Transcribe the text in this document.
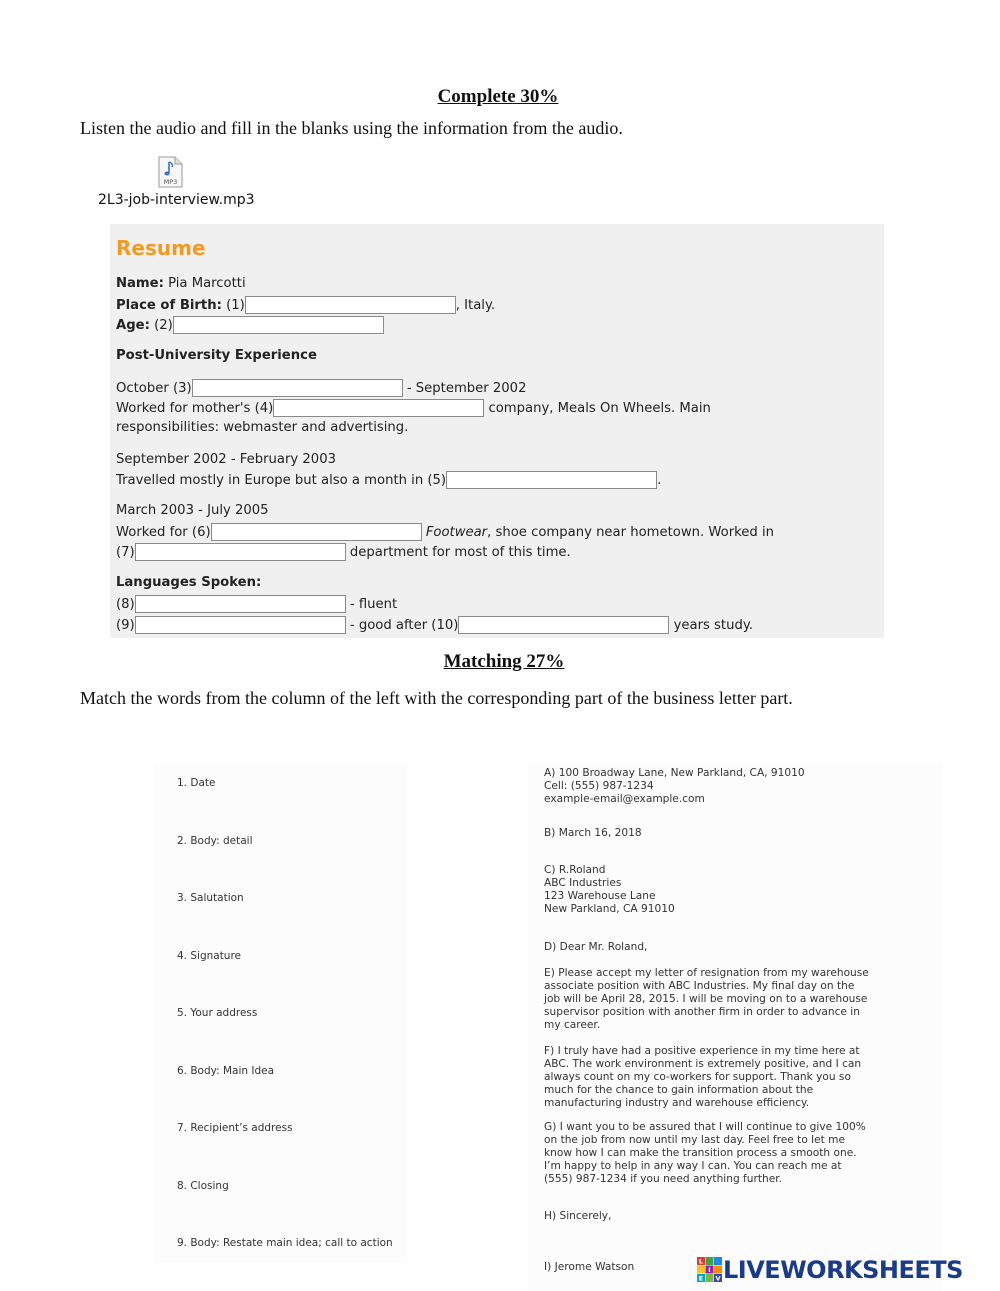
Complete 30%
Listen the audio and fill in the blanks using the information from the audio.
MP3
2L3-job-interview.mp3
Resume
Name:
Pia Marcotti
Place of Birth:
(1)	, Italy.
Age:
(2)
Post-University Experience
October (3)
	- September 2002
Worked for mother's (4)
	company, Meals On Wheels. Main
responsibilities: webmaster and advertising.
September 2002 - February 2003
Travelled mostly in Europe but also a month in (5)	.
March 2003 - July 2005
Worked for (6)
	Footwear , shoe company near hometown. Worked in
(7)
	department for most of this time.
Languages Spoken:
(8)
	- fluent
(9)
	- good after (10)
	years study.
Matching 27%
Match the words from the column of the left with the corresponding part of the business letter part.
1. Date
2. Body: detail
3. Salutation
4. Signature
5. Your address
6. Body: Main Idea
7. Recipient’s address
8. Closing
9. Body: Restate main idea; call to action
A) 100 Broadway Lane, New Parkland, CA, 91010
Cell: (555) 987-1234
example-email@example.com
B) March 16, 2018
C) R.Roland
ABC Industries
123 Warehouse Lane
New Parkland, CA 91010
D) Dear Mr. Roland,
E) Please accept my letter of resignation from my warehouse
associate position with ABC Industries. My final day on the
job will be April 28, 2015. I will be moving on to a warehouse
supervisor position with another firm in order to advance in
my career.
F) I truly have had a positive experience in my time here at
ABC. The work environment is extremely positive, and I can
always count on my co-workers for support. Thank you so
much for the chance to gain information about the
manufacturing industry and warehouse efficiency.
G) I want you to be assured that I will continue to give 100%
on the job from now until my last day. Feel free to let me
know how I can make the transition process a smooth one.
I’m happy to help in any way I can. You can reach me at
(555) 987-1234 if you need anything further.
H) Sincerely,
I) Jerome Watson	L
I
V
E LIVEWORKSHEETS
